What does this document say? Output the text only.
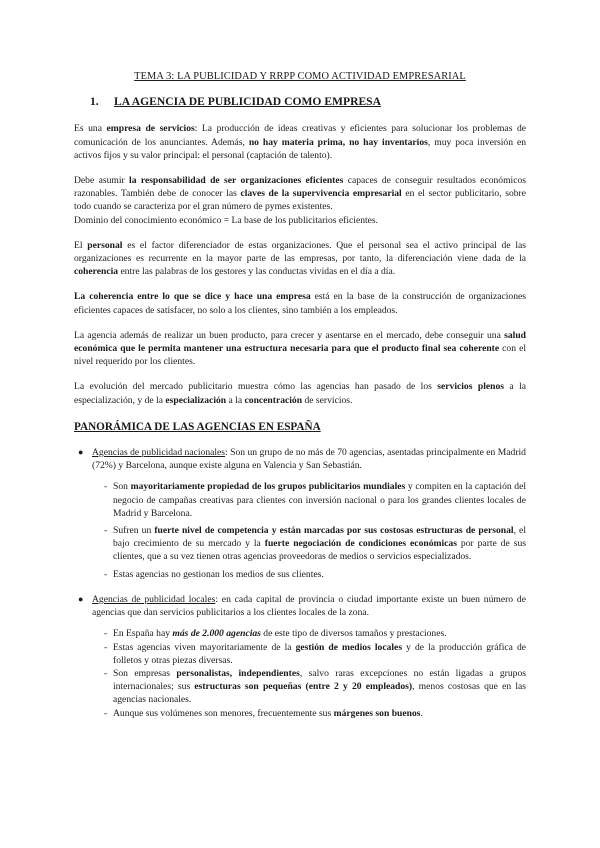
TEMA 3: LA PUBLICIDAD Y RRPP COMO ACTIVIDAD EMPRESARIAL
1. LA AGENCIA DE PUBLICIDAD COMO EMPRESA

Es una empresa de servicios: La producción de ideas creativas y eficientes para solucionar los problemas de comunicación de los anunciantes. Además, no hay materia prima, no hay inventarios, muy poca inversión en activos fijos y su valor principal: el personal (captación de talento).

Debe asumir la responsabilidad de ser organizaciones eficientes capaces de conseguir resultados económicos razonables. También debe de conocer las claves de la supervivencia empresarial en el sector publicitario, sobre todo cuando se caracteriza por el gran número de pymes existentes.

Dominio del conocimiento económico = La base de los publicitarios eficientes.

El personal es el factor diferenciador de estas organizaciones. Que el personal sea el activo principal de las organizaciones es recurrente en la mayor parte de las empresas, por tanto, la diferenciación viene dada de la coherencia entre las palabras de los gestores y las conductas vividas en el día a día.

La coherencia entre lo que se dice y hace una empresa está en la base de la construcción de organizaciones eficientes capaces de satisfacer, no solo a los clientes, sino también a los empleados.

La agencia además de realizar un buen producto, para crecer y asentarse en el mercado, debe conseguir una salud económica que le permita mantener una estructura necesaria para que el producto final sea coherente con el nivel requerido por los clientes.

La evolución del mercado publicitario muestra cómo las agencias han pasado de los servicios plenos a la especialización, y de la especialización a la concentración de servicios.

PANORÁMICA DE LAS AGENCIAS EN ESPAÑA
● Agencias de publicidad nacionales: Son un grupo de no más de 70 agencias, asentadas principalmente en Madrid (72%) y Barcelona, aunque existe alguna en Valencia y San Sebastián.

- Son mayoritariamente propiedad de los grupos publicitarios mundiales y compiten en la captación del negocio de campañas creativas para clientes con inversión nacional o para los grandes clientes locales de Madrid y Barcelona.

- Sufren un fuerte nivel de competencia y están marcadas por sus costosas estructuras de personal, el bajo crecimiento de su mercado y la fuerte negociación de condiciones económicas por parte de sus clientes, que a su vez tienen otras agencias proveedoras de medios o servicios especializados.

- Estas agencias no gestionan los medios de sus clientes.

● Agencias de publicidad locales: en cada capital de provincia o ciudad importante existe un buen número de agencias que dan servicios publicitarios a los clientes locales de la zona.

- En España hay más de 2.000 agencias de este tipo de diversos tamaños y prestaciones.

- Estas agencias viven mayoritariamente de la gestión de medios locales y de la producción gráfica de folletos y otras piezas diversas.

- Son empresas personalistas, independientes, salvo raras excepciones no están ligadas a grupos internacionales; sus estructuras son pequeñas (entre 2 y 20 empleados), menos costosas que en las agencias nacionales.

- Aunque sus volúmenes son menores, frecuentemente sus márgenes son buenos.
